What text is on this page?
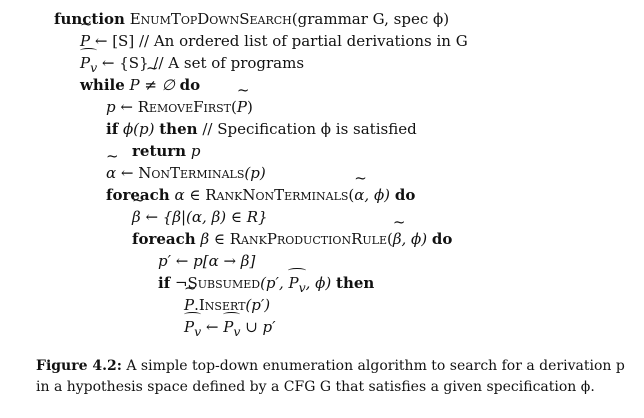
function EnumTopDownSearch(grammar G, spec ϕ)
~ P ← [S] // An ordered list of partial derivations in G
$P_v$ ← {S} // A set of programs
while ~ P ≠ ∅ do
p ← RemoveFirst(~ P)
if ϕ(p) then // Specification ϕ is satisfied
return p
~ α ← NonTerminals(p)
foreach α ∈ RankNonTerminals(~ α, ϕ) do
~ β ← {β|(α, β) ∈ R}
foreach β ∈ RankProductionRule(~ β, ϕ) do
p′ ← p[α → β]
if ¬Subsumed(p′, $P_v$, ϕ) then
~ P.Insert(p′)
$P_v$ ← $P_v$ ∪ p′
Figure 4.2: A simple top-down enumeration algorithm to search for a derivation p in a hypothesis space defined by a CFG G that satisfies a given specification ϕ.
